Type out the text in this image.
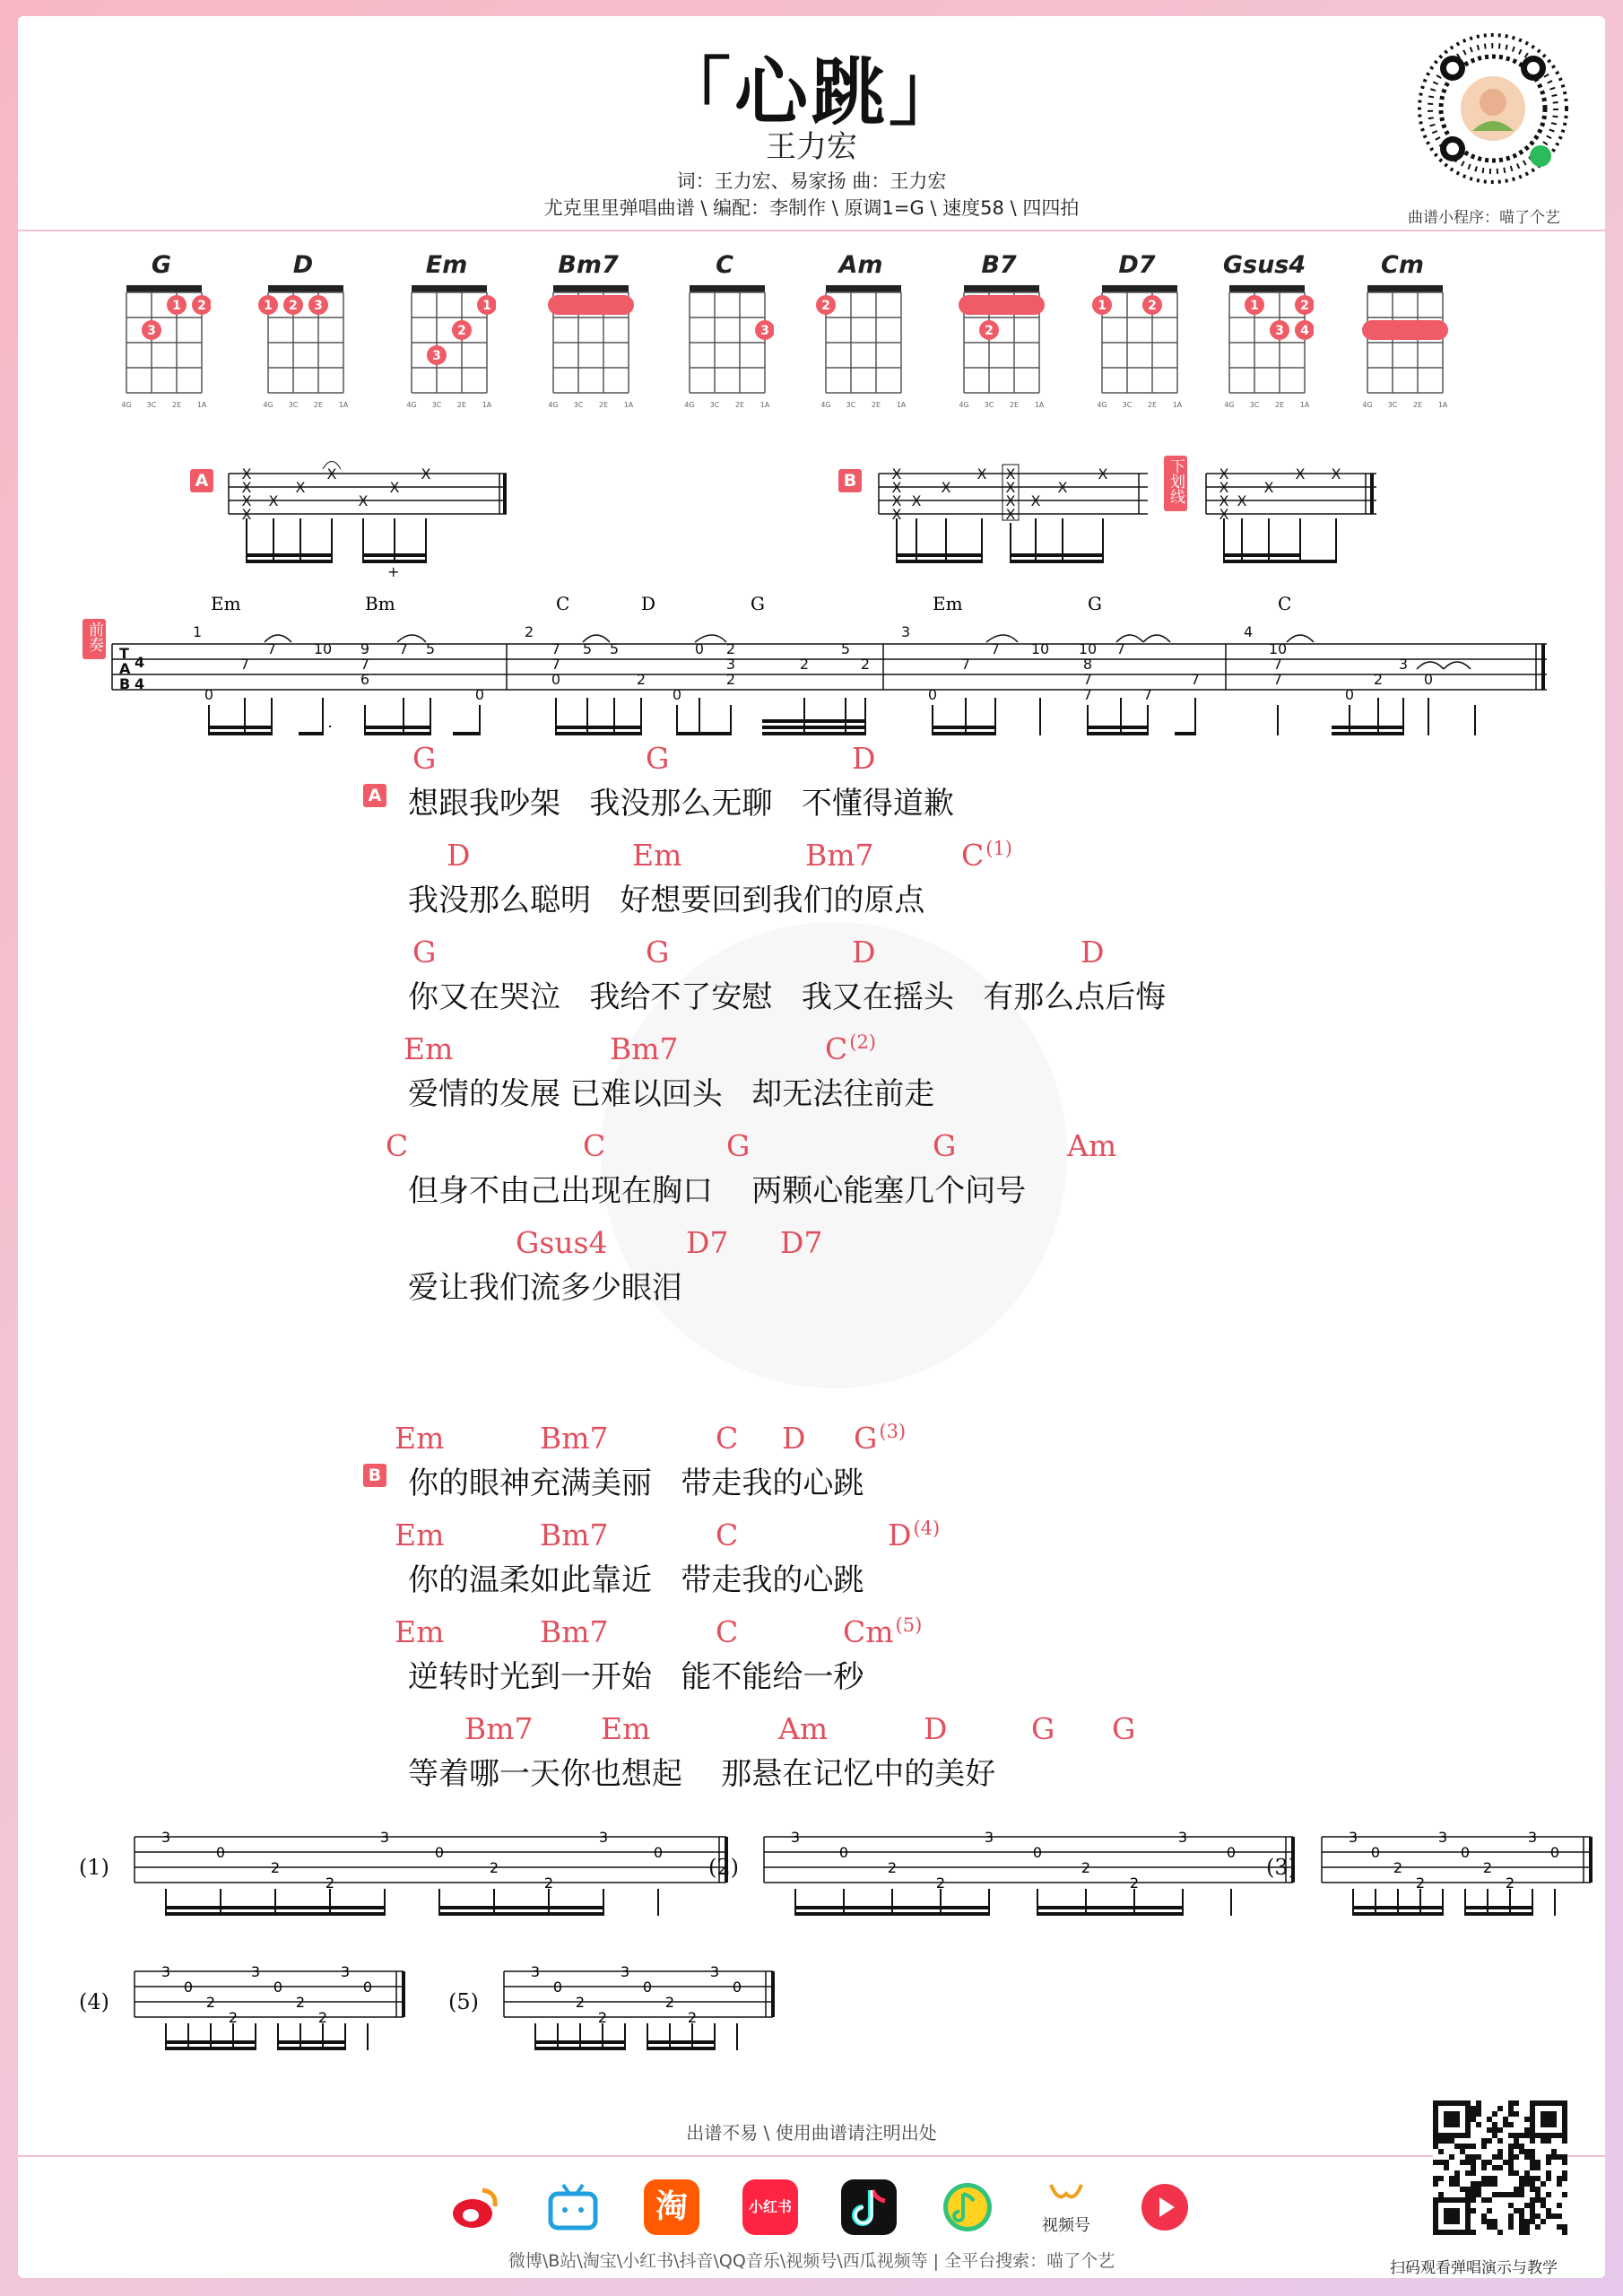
「心跳」
王力宏
词：王力宏、易家扬 曲：王力宏
尤克里里弹唱曲谱 \ 编配：李制作 \ 原调1=G \ 速度58 \ 四四拍	曲谱小程序：喵了个艺
G
1 2
3
4G 3C 2E 1A
D
1 2 3
4G 3C 2E 1A
Em
1
2
3
4G 3C 2E 1A
Bm7
4G 3C 2E 1A
C
3
4G 3C 2E 1A
Am
2
4G 3C 2E 1A
B7
2
4G 3C 2E 1A
D7
1	2
4G 3C 2E 1A
Gsus4
1	2
3 4
4G 3C 2E 1A
Cm
4G 3C 2E 1A
A	X
X
X
X
X
X
X
X
X
X
+
B	X
X
X
X
X
X
X
X
X
X
X
X
X
X
下划线 X
X
X
X
X
X
X X
前奏
T
A
B
4
4
1	2	3	4
Em	Bm	C	D	G	Em	G	C
0
7
7	10 9
7
6
7 5
0
7
7
0
5 5
2
0
0 2
3
2
2
5
2
0
7
7 10 10
8
7
7
7
7
7
10
7
7
0
2
3
0
A
G	G	D
想跟我吵架   我没那么无聊   不懂得道歉
D	Em	Bm7	$C^{(1)}$
我没那么聪明   好想要回到我们的原点
G	G	D	D
你又在哭泣   我给不了安慰   我又在摇头   有那么点后悔
Em	Bm7	$C^{(2)}$
爱情的发展 已难以回头   却无法往前走
C	C	G	G	Am
但身不由己出现在胸口    两颗心能塞几个问号
Gsus4	D7 D7
爱让我们流多少眼泪
B
Em	Bm7	C D $G^{(3)}$
你的眼神充满美丽   带走我的心跳
Em	Bm7	C	$D^{(4)}$
你的温柔如此靠近   带走我的心跳
Em	Bm7	C	Cm$^{(5)}$
逆转时光到一开始   能不能给一秒
Bm7 Em	Am	D	G G
等着哪一天你也想起    那悬在记忆中的美好
(1)
3
0
2
2
3
0
2
2
3
0
(2)
3
0
2
2
3
0
2
2
3
0
(3)
3
0
2
2
3
0
2
2
3
0
(4)
3
0
2
2
3
0
2
2
3
0
(5)
3
0
2
2
3
0
2
2
3
0
出谱不易 \ 使用曲谱请注明出处
淘	小红书
视频号
微博\B站\淘宝\小红书\抖音\QQ音乐\视频号\西瓜视频等 | 全平台搜索：喵了个艺	扫码观看弹唱演示与教学
